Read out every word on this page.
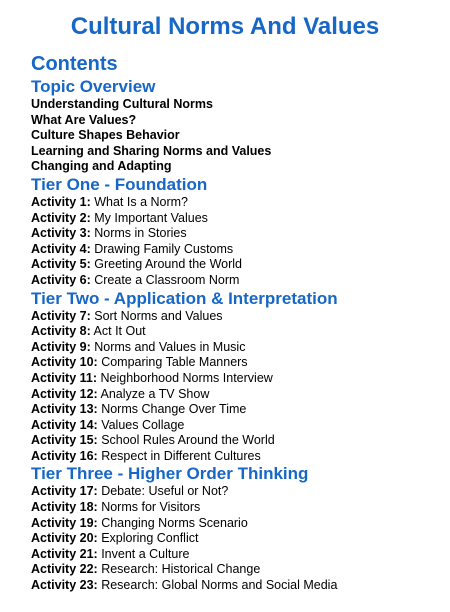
Cultural Norms And Values
Contents
Topic Overview
Understanding Cultural Norms
What Are Values?
Culture Shapes Behavior
Learning and Sharing Norms and Values
Changing and Adapting
Tier One - Foundation
Activity 1: What Is a Norm?
Activity 2: My Important Values
Activity 3: Norms in Stories
Activity 4: Drawing Family Customs
Activity 5: Greeting Around the World
Activity 6: Create a Classroom Norm
Tier Two - Application & Interpretation
Activity 7: Sort Norms and Values
Activity 8: Act It Out
Activity 9: Norms and Values in Music
Activity 10: Comparing Table Manners
Activity 11: Neighborhood Norms Interview
Activity 12: Analyze a TV Show
Activity 13: Norms Change Over Time
Activity 14: Values Collage
Activity 15: School Rules Around the World
Activity 16: Respect in Different Cultures
Tier Three - Higher Order Thinking
Activity 17: Debate: Useful or Not?
Activity 18: Norms for Visitors
Activity 19: Changing Norms Scenario
Activity 20: Exploring Conflict
Activity 21: Invent a Culture
Activity 22: Research: Historical Change
Activity 23: Research: Global Norms and Social Media
